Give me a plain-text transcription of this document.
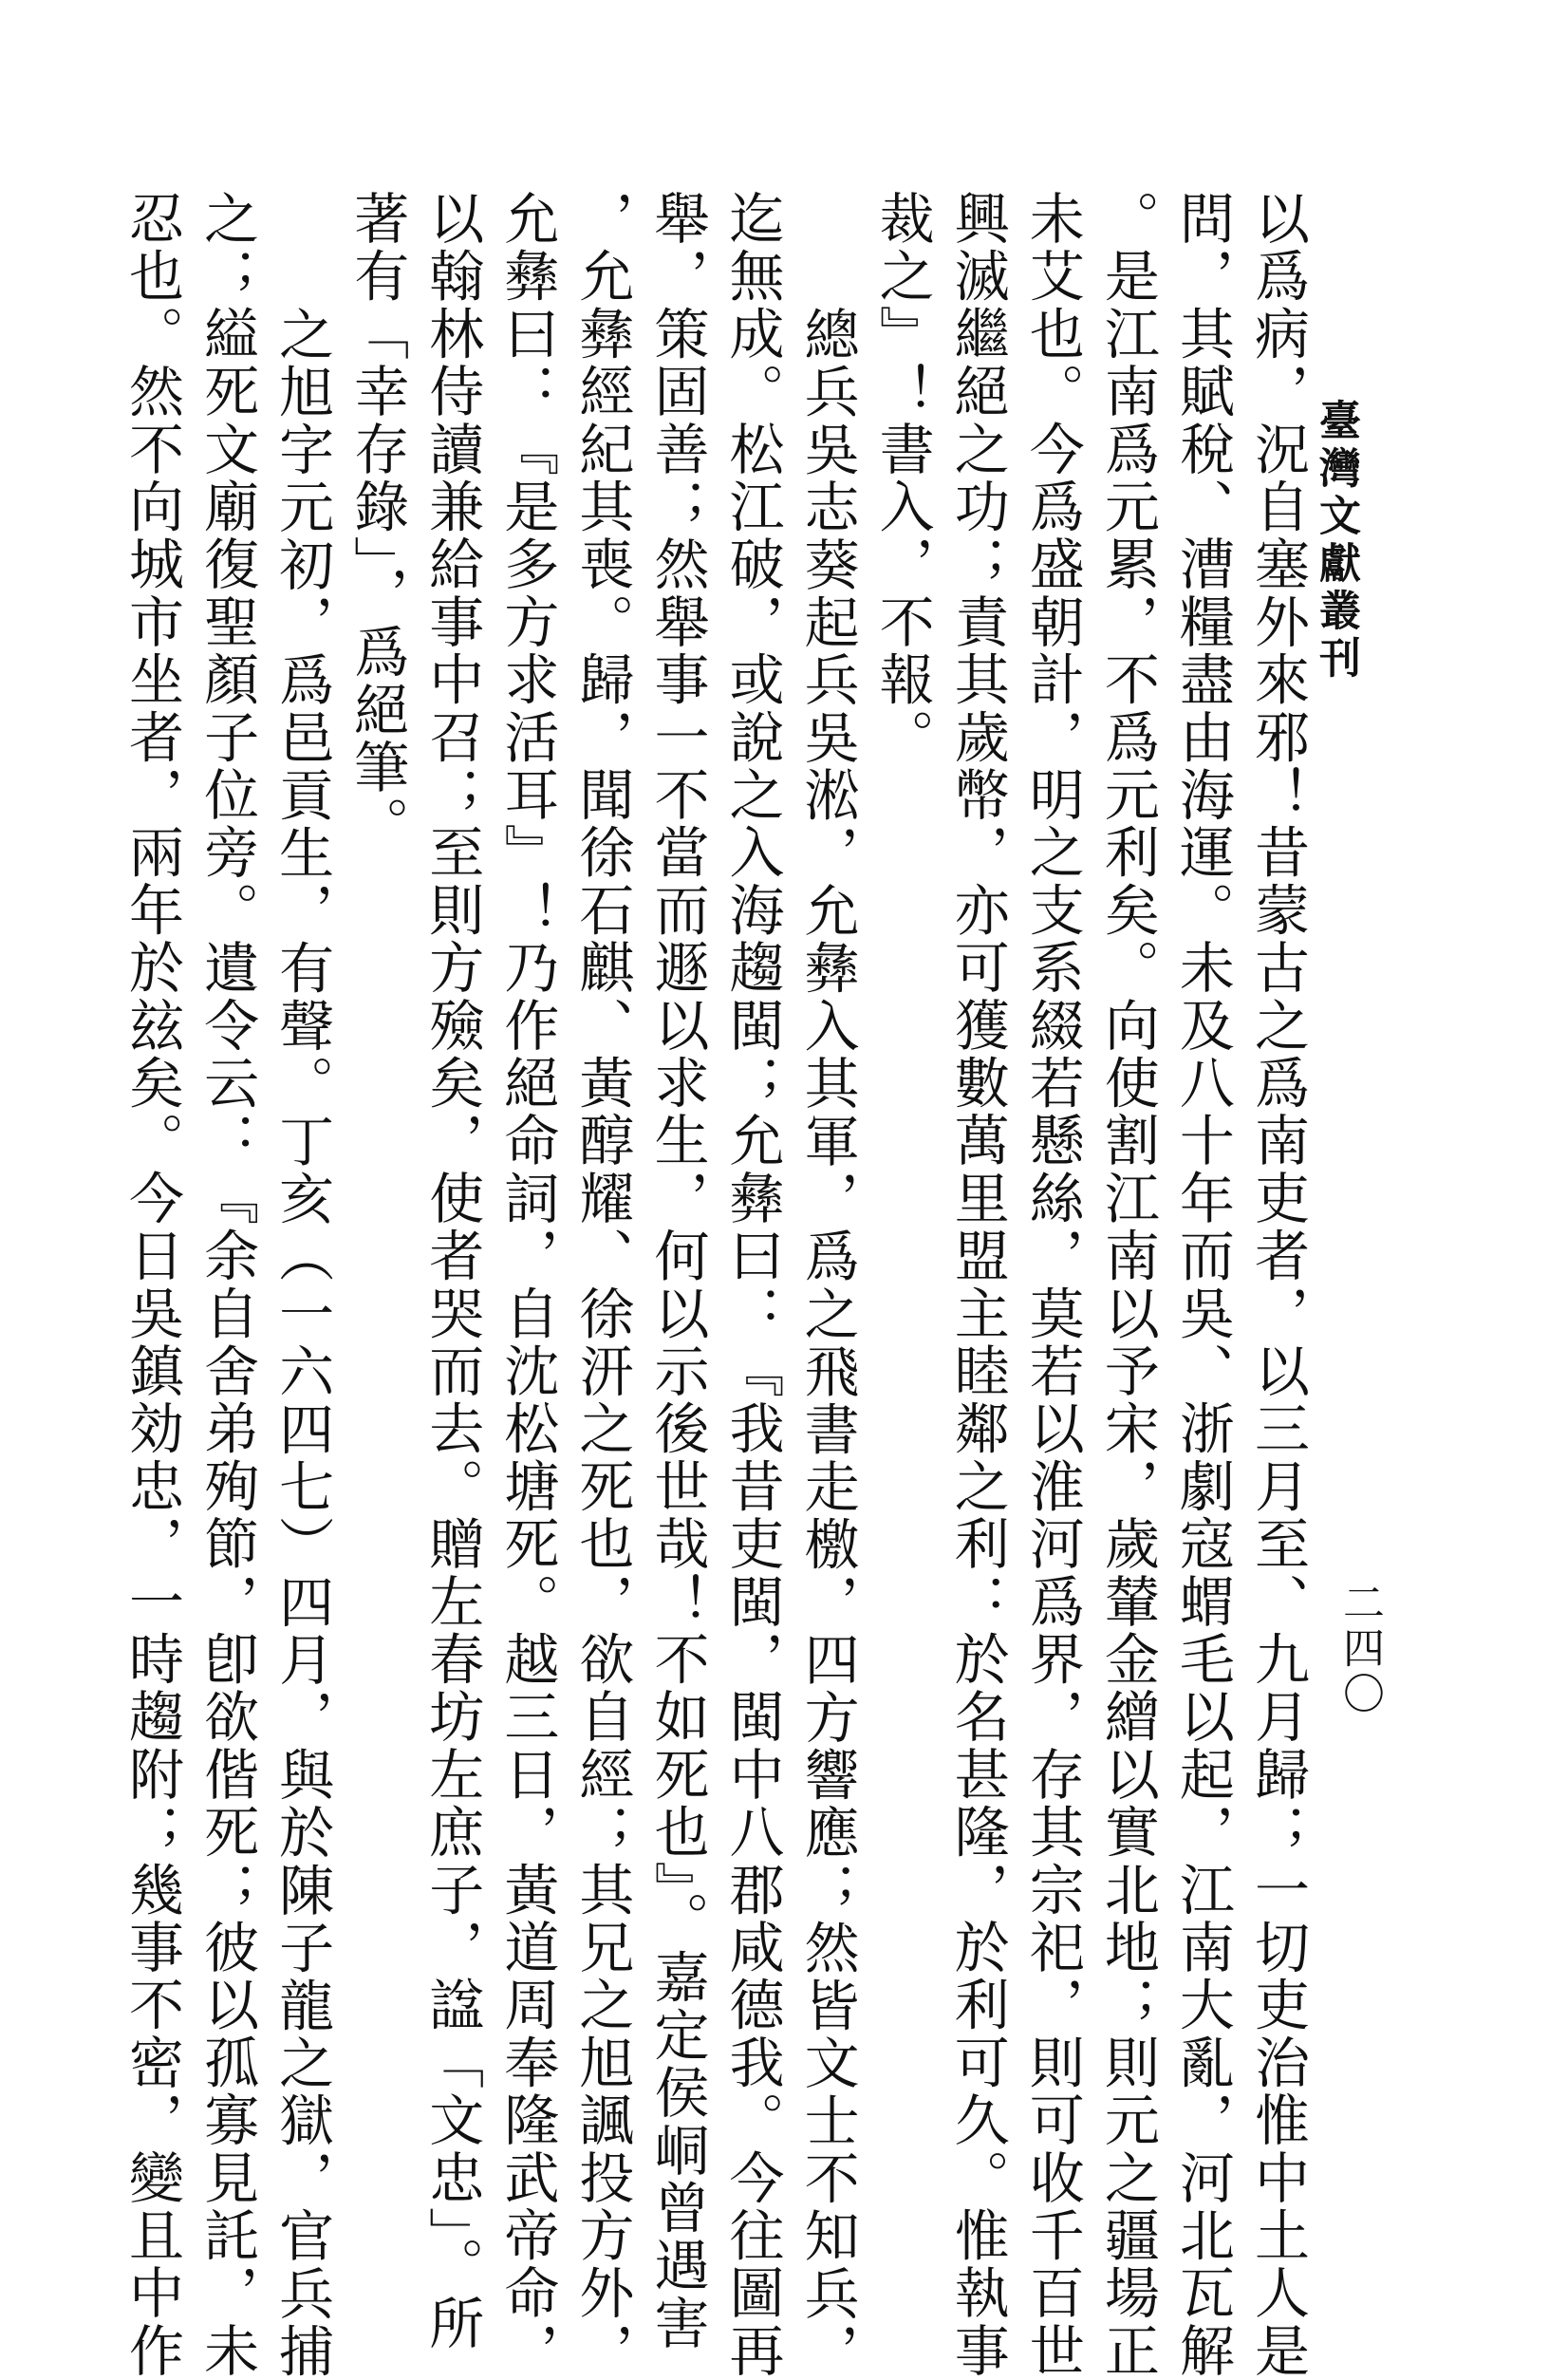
臺灣文獻叢刊
二四〇

以爲病，況自塞外來邪！昔蒙古之爲南吏者，以三月至、九月歸；一切吏治惟中土人是

問，其賦稅、漕糧盡由海運。未及八十年而吳、浙劇寇蝟毛以起，江南大亂，河北瓦解

。是江南爲元累，不爲元利矣。向使割江南以予宋，歲輦金繒以實北地；則元之疆場正

未艾也。今爲盛朝計，明之支系綴若懸絲，莫若以淮河爲界，存其宗祀，則可收千百世

興滅繼絕之功；責其歲幣，亦可獲數萬里盟主睦鄰之利：於名甚隆，於利可久。惟執事

裁之』！書入，不報。

總兵吳志葵起兵吳淞，允彝入其軍，爲之飛書走檄，四方響應；然皆文士不知兵，

迄無成。松江破，或說之入海趨閩；允彝曰：『我昔吏閩，閩中八郡咸德我。今往圖再

舉，策固善；然舉事一不當而遯以求生，何以示後世哉！不如死也』。嘉定侯峒曾遇害

，允彝經紀其喪。歸，聞徐石麒、黃醇耀、徐汧之死也，欲自經；其兄之旭諷投方外，

允彝曰：『是多方求活耳』！乃作絕命詞，自沈松塘死。越三日，黃道周奉隆武帝命，

以翰林侍讀兼給事中召；至則方殮矣，使者哭而去。贈左春坊左庶子，諡「文忠」。所

著有「幸存錄」，爲絕筆。

之旭字元初，爲邑貢生，有聲。丁亥（一六四七）四月，與於陳子龍之獄，官兵捕

之；縊死文廟復聖顏子位旁。遺令云：『余自舍弟殉節，卽欲偕死；彼以孤寡見託，未

忍也。然不向城市坐者，兩年於玆矣。今日吳鎮効忠，一時趨附；幾事不密，變且中作
